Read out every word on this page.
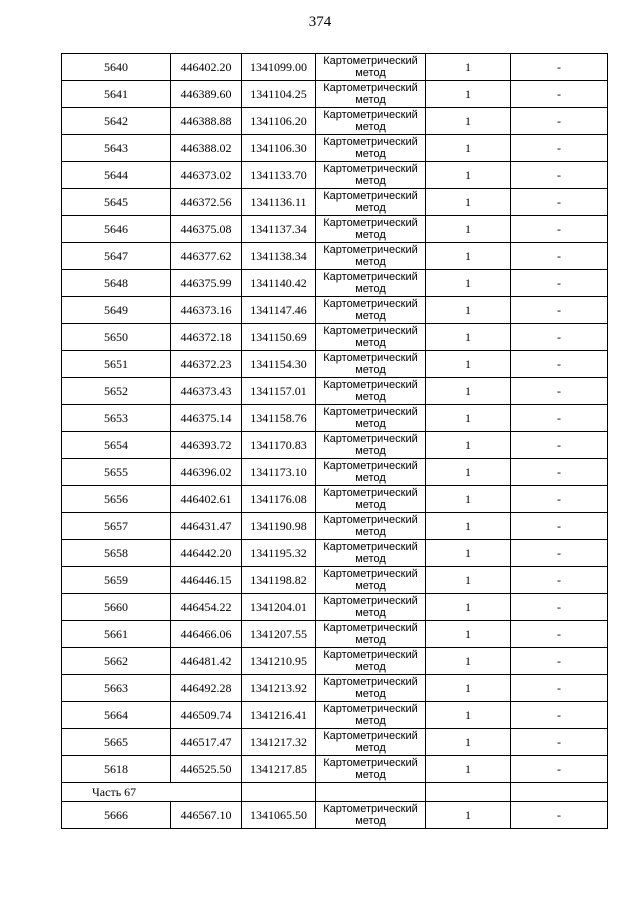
374
5640	446402.20	1341099.00	Картометрический метод	1	-
5641	446389.60	1341104.25	Картометрический метод	1	-
5642	446388.88	1341106.20	Картометрический метод	1	-
5643	446388.02	1341106.30	Картометрический метод	1	-
5644	446373.02	1341133.70	Картометрический метод	1	-
5645	446372.56	1341136.11	Картометрический метод	1	-
5646	446375.08	1341137.34	Картометрический метод	1	-
5647	446377.62	1341138.34	Картометрический метод	1	-
5648	446375.99	1341140.42	Картометрический метод	1	-
5649	446373.16	1341147.46	Картометрический метод	1	-
5650	446372.18	1341150.69	Картометрический метод	1	-
5651	446372.23	1341154.30	Картометрический метод	1	-
5652	446373.43	1341157.01	Картометрический метод	1	-
5653	446375.14	1341158.76	Картометрический метод	1	-
5654	446393.72	1341170.83	Картометрический метод	1	-
5655	446396.02	1341173.10	Картометрический метод	1	-
5656	446402.61	1341176.08	Картометрический метод	1	-
5657	446431.47	1341190.98	Картометрический метод	1	-
5658	446442.20	1341195.32	Картометрический метод	1	-
5659	446446.15	1341198.82	Картометрический метод	1	-
5660	446454.22	1341204.01	Картометрический метод	1	-
5661	446466.06	1341207.55	Картометрический метод	1	-
5662	446481.42	1341210.95	Картометрический метод	1	-
5663	446492.28	1341213.92	Картометрический метод	1	-
5664	446509.74	1341216.41	Картометрический метод	1	-
5665	446517.47	1341217.32	Картометрический метод	1	-
5618	446525.50	1341217.85	Картометрический метод	1	-
Часть 67					
5666	446567.10	1341065.50	Картометрический метод	1	-
